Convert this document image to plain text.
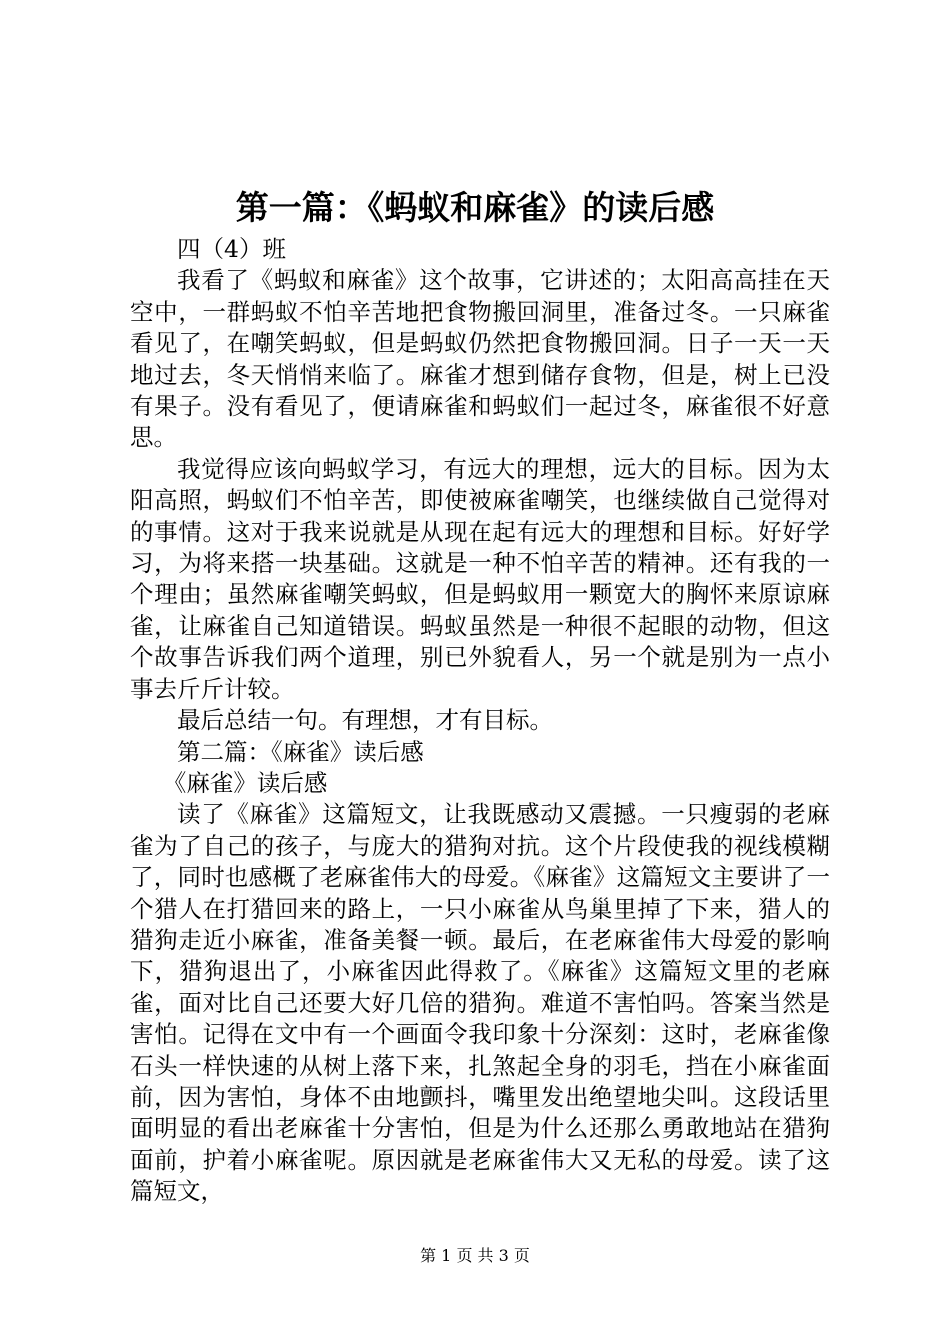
第一篇：《蚂蚁和麻雀》的读后感

四（4）班

我看了《蚂蚁和麻雀》这个故事，它讲述的；太阳高高挂在天空中，一群蚂蚁不怕辛苦地把食物搬回洞里，准备过冬。一只麻雀看见了，在嘲笑蚂蚁，但是蚂蚁仍然把食物搬回洞。日子一天一天地过去，冬天悄悄来临了。麻雀才想到储存食物，但是，树上已没有果子。没有看见了，便请麻雀和蚂蚁们一起过冬，麻雀很不好意思。

我觉得应该向蚂蚁学习，有远大的理想，远大的目标。因为太阳高照，蚂蚁们不怕辛苦，即使被麻雀嘲笑，也继续做自己觉得对的事情。这对于我来说就是从现在起有远大的理想和目标。好好学习，为将来搭一块基础。这就是一种不怕辛苦的精神。还有我的一个理由；虽然麻雀嘲笑蚂蚁，但是蚂蚁用一颗宽大的胸怀来原谅麻雀，让麻雀自己知道错误。蚂蚁虽然是一种很不起眼的动物，但这个故事告诉我们两个道理，别已外貌看人，另一个就是别为一点小事去斤斤计较。

最后总结一句。有理想，才有目标。

第二篇：《麻雀》读后感

《麻雀》读后感

读了《麻雀》这篇短文，让我既感动又震撼。一只瘦弱的老麻雀为了自己的孩子，与庞大的猎狗对抗。这个片段使我的视线模糊了，同时也感概了老麻雀伟大的母爱。《麻雀》这篇短文主要讲了一个猎人在打猎回来的路上，一只小麻雀从鸟巢里掉了下来，猎人的猎狗走近小麻雀，准备美餐一顿。最后，在老麻雀伟大母爱的影响下，猎狗退出了，小麻雀因此得救了。《麻雀》这篇短文里的老麻雀，面对比自己还要大好几倍的猎狗。难道不害怕吗。答案当然是害怕。记得在文中有一个画面令我印象十分深刻：这时，老麻雀像石头一样快速的从树上落下来，扎煞起全身的羽毛，挡在小麻雀面前，因为害怕，身体不由地颤抖，嘴里发出绝望地尖叫。这段话里面明显的看出老麻雀十分害怕，但是为什么还那么勇敢地站在猎狗面前，护着小麻雀呢。原因就是老麻雀伟大又无私的母爱。读了这篇短文，

第 1 页 共 3 页
